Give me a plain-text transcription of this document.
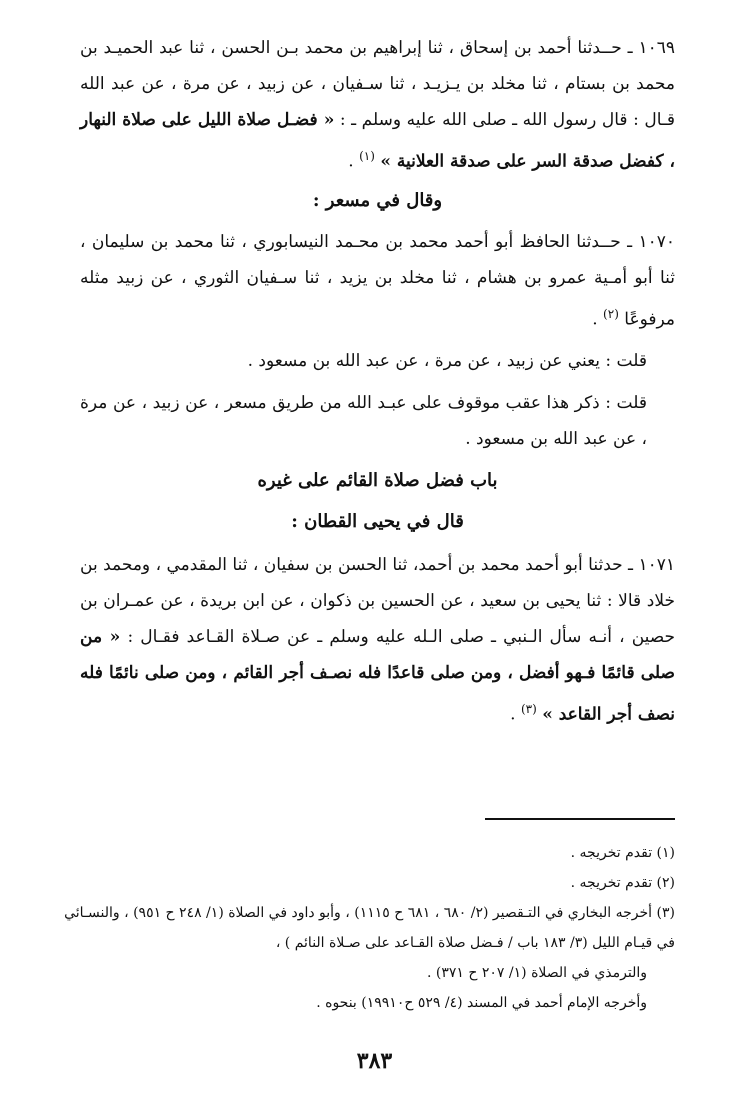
١٠٦٩ ـ حــدثنا أحمد بن إسحاق ، ثنا إبراهيم بن محمد بـن الحسن ، ثنا عبد الحميـد بن محمد بن بستام ، ثنا مخلد بن يـزيـد ، ثنا سـفيان ، عن زبيد ، عن مرة ، عن عبد الله قـال : قال رسول الله ـ صلى الله عليه وسلم ـ : « فضـل صلاة الليل على صلاة النهار ، كفضل صدقة السر على صدقة العلانية » $^{(١)}$ .

وقال في مسعر :

١٠٧٠ ـ حــدثنا الحافظ أبو أحمد محمد بن محـمد النيسابوري ، ثنا محمد بن سليمان ، ثنا أبو أمـية عمرو بن هشام ، ثنا مخلد بن يزيد ، ثنا سـفيان الثوري ، عن زبيد مثله مرفوعًا $^{(٢)}$ .

قلت : يعني عن زبيد ، عن مرة ، عن عبد الله بن مسعود .

قلت : ذكر هذا عقب موقوف على عبـد الله من طريق مسعر ، عن زبيد ، عن مرة ، عن عبد الله بن مسعود .

باب فضل صلاة القائم على غيره
قال في يحيى القطان :

١٠٧١ ـ حدثنا أبو أحمد محمد بن أحمد، ثنا الحسن بن سفيان ، ثنا المقدمي ، ومحمد بن خلاد قالا : ثنا يحيى بن سعيد ، عن الحسين بن ذكوان ، عن ابن بريدة ، عن عمـران بن حصين ، أنـه سأل الـنبي ـ صلى الـله عليه وسلم ـ عن صـلاة القـاعد فقـال : « من صلى قائمًا فـهو أفضل ، ومن صلى قاعدًا فله نصـف أجر القائم ، ومن صلى نائمًا فله نصف أجر القاعد » $^{(٣)}$ .

(١) تقدم تخريجه .

(٢) تقدم تخريجه .

(٣) أخرجه البخاري في التـقصير (٢/ ٦٨٠ ، ٦٨١ ح ١١١٥) ، وأبو داود في الصلاة (١/ ٢٤٨ ح ٩٥١) ، والنسـائي في قيـام الليل (٣/ ١٨٣ باب / فـضل صلاة القـاعد على صـلاة النائم ) ،

والترمذي في الصلاة (١/ ٢٠٧ ح ٣٧١) .

وأخرجه الإمام أحمد في المسند (٤/ ٥٢٩ ح١٩٩١٠) بنحوه .

٣٨٣
